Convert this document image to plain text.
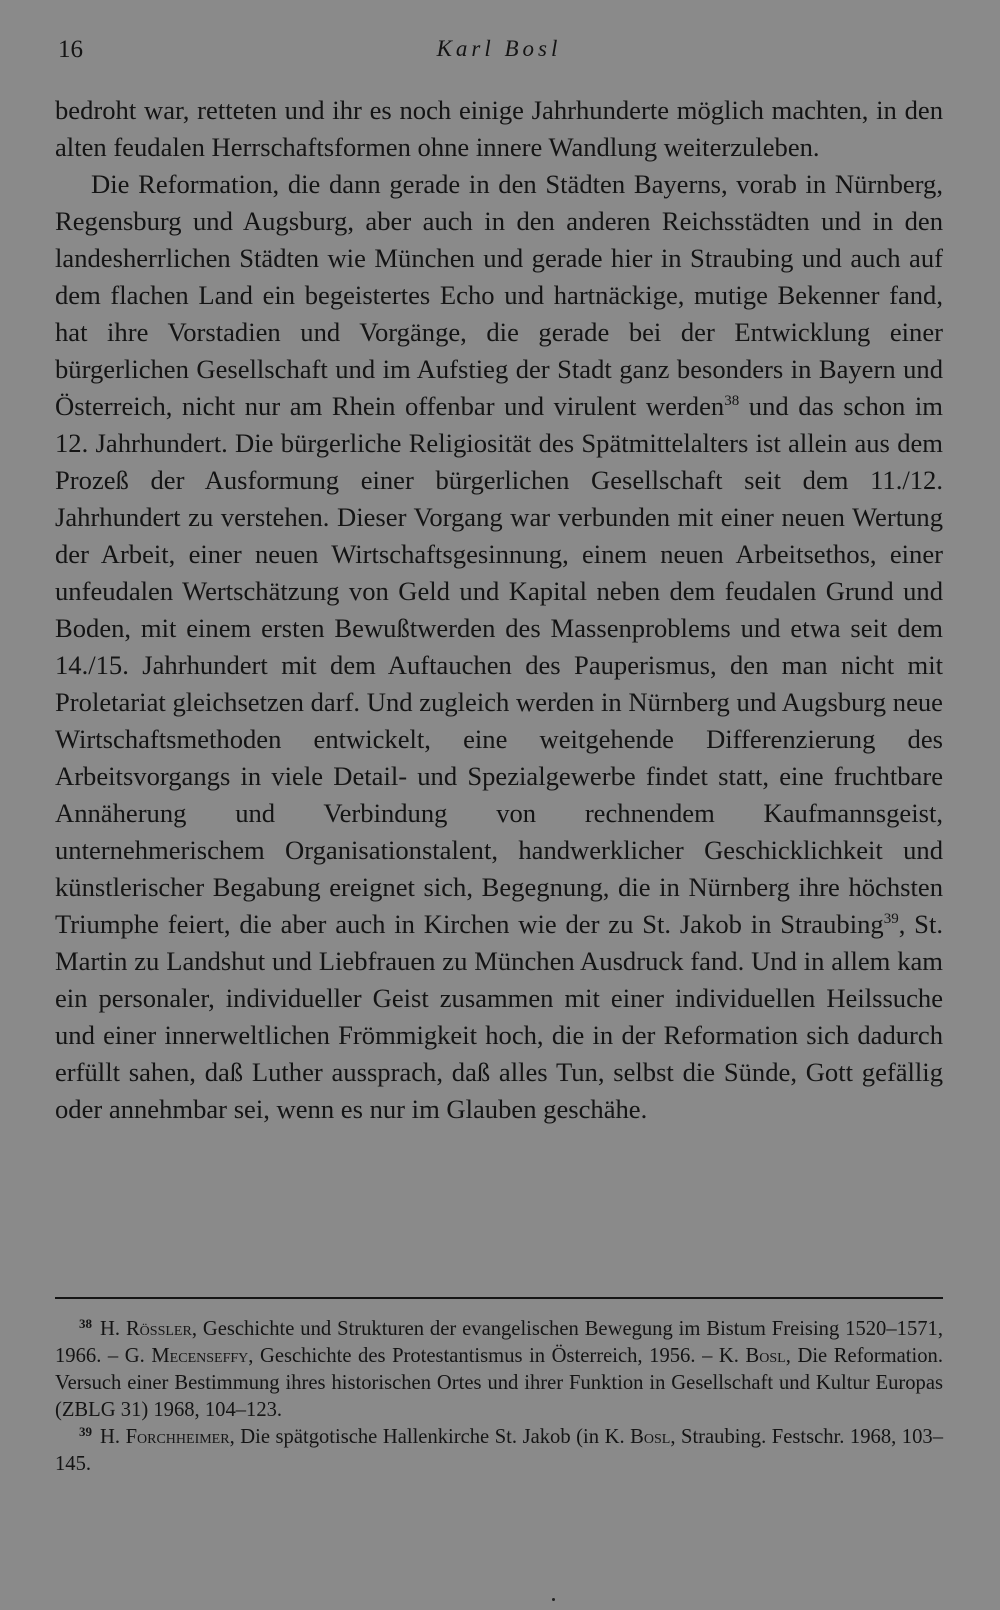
16	Karl Bosl

bedroht war, retteten und ihr es noch einige Jahrhunderte möglich machten, in den alten feudalen Herrschaftsformen ohne innere Wandlung weiterzuleben.

Die Reformation, die dann gerade in den Städten Bayerns, vorab in Nürnberg, Regensburg und Augsburg, aber auch in den anderen Reichsstädten und in den landesherrlichen Städten wie München und gerade hier in Straubing und auch auf dem flachen Land ein begeistertes Echo und hartnäckige, mutige Bekenner fand, hat ihre Vorstadien und Vorgänge, die gerade bei der Entwicklung einer bürgerlichen Gesellschaft und im Aufstieg der Stadt ganz besonders in Bayern und Österreich, nicht nur am Rhein offenbar und virulent werden$^{38}$ und das schon im 12. Jahrhundert. Die bürgerliche Religiosität des Spätmittelalters ist allein aus dem Prozeß der Ausformung einer bürgerlichen Gesellschaft seit dem 11./12. Jahrhundert zu verstehen. Dieser Vorgang war verbunden mit einer neuen Wertung der Arbeit, einer neuen Wirtschaftsgesinnung, einem neuen Arbeitsethos, einer unfeudalen Wertschätzung von Geld und Kapital neben dem feudalen Grund und Boden, mit einem ersten Bewußtwerden des Massenproblems und etwa seit dem 14./15. Jahrhundert mit dem Auftauchen des Pauperismus, den man nicht mit Proletariat gleichsetzen darf. Und zugleich werden in Nürnberg und Augsburg neue Wirtschaftsmethoden entwickelt, eine weitgehende Differenzierung des Arbeitsvorgangs in viele Detail- und Spezialgewerbe findet statt, eine fruchtbare Annäherung und Verbindung von rechnendem Kaufmannsgeist, unternehmerischem Organisationstalent, handwerklicher Geschicklichkeit und künstlerischer Begabung ereignet sich, Begegnung, die in Nürnberg ihre höchsten Triumphe feiert, die aber auch in Kirchen wie der zu St. Jakob in Straubing$^{39}$, St. Martin zu Landshut und Liebfrauen zu München Ausdruck fand. Und in allem kam ein personaler, individueller Geist zusammen mit einer individuellen Heilssuche und einer innerweltlichen Frömmigkeit hoch, die in der Reformation sich dadurch erfüllt sahen, daß Luther aussprach, daß alles Tun, selbst die Sünde, Gott gefällig oder annehmbar sei, wenn es nur im Glauben geschähe.

$^{38}$ H. Rössler, Geschichte und Strukturen der evangelischen Bewegung im Bistum Freising 1520–1571, 1966. – G. Mecenseffy, Geschichte des Protestantismus in Österreich, 1956. – K. Bosl, Die Reformation. Versuch einer Bestimmung ihres historischen Ortes und ihrer Funktion in Gesellschaft und Kultur Europas (ZBLG 31) 1968, 104–123.

$^{39}$ H. Forchheimer, Die spätgotische Hallenkirche St. Jakob (in K. Bosl, Straubing. Festschr. 1968, 103–145.
